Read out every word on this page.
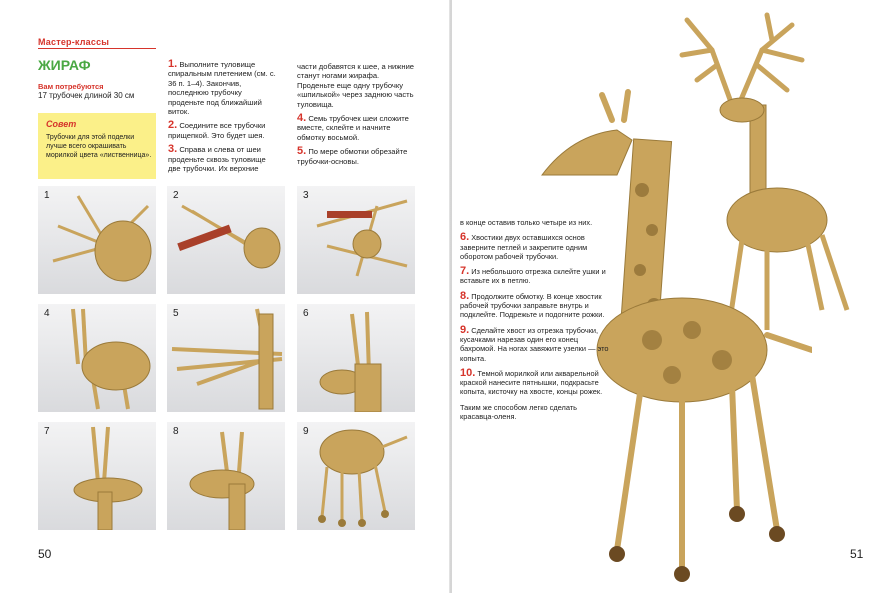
Мастер-классы
ЖИРАФ
Вам потребуются
17 трубочек длиной 30 см
Совет
Трубочки для этой поделки лучше всего окрашивать морилкой цвета «лиственница».
1. Выполните туловище спиральным плетением (см. с. 36 п. 1–4). Закончив, последнюю трубочку проденьте под ближайший виток.
2. Соедините все трубочки прищепкой. Это будет шея.
3. Справа и слева от шеи проденьте сквозь туловище две трубочки. Их верхние
части добавятся к шее, а нижние станут ногами жирафа. Проденьте еще одну трубочку «шпилькой» через заднюю часть туловища.
4. Семь трубочек шеи сложите вместе, склейте и начните обмотку восьмой.
5. По мере обмотки обрезайте трубочки-основы.
1	2	3
4	5	6
7	8	9
50	51
в конце оставив только четыре из них.
6. Хвостики двух оставшихся основ заверните петлей и закрепите одним оборотом рабочей трубочки.
7. Из небольшого отрезка склейте ушки и вставьте их в петлю.
8. Продолжите обмотку. В конце хвостик рабочей трубочки заправьте внутрь и подклейте. Подрежьте и подогните рожки.
9. Сделайте хвост из отрезка трубочки, кусачками нарезав один его конец бахромой. На ногах завяжите узелки — это копыта.
10. Темной морилкой или акварельной краской нанесите пятнышки, подкрасьте копыта, кисточку на хвосте, концы рожек.
Таким же способом легко сделать красавца-оленя.
